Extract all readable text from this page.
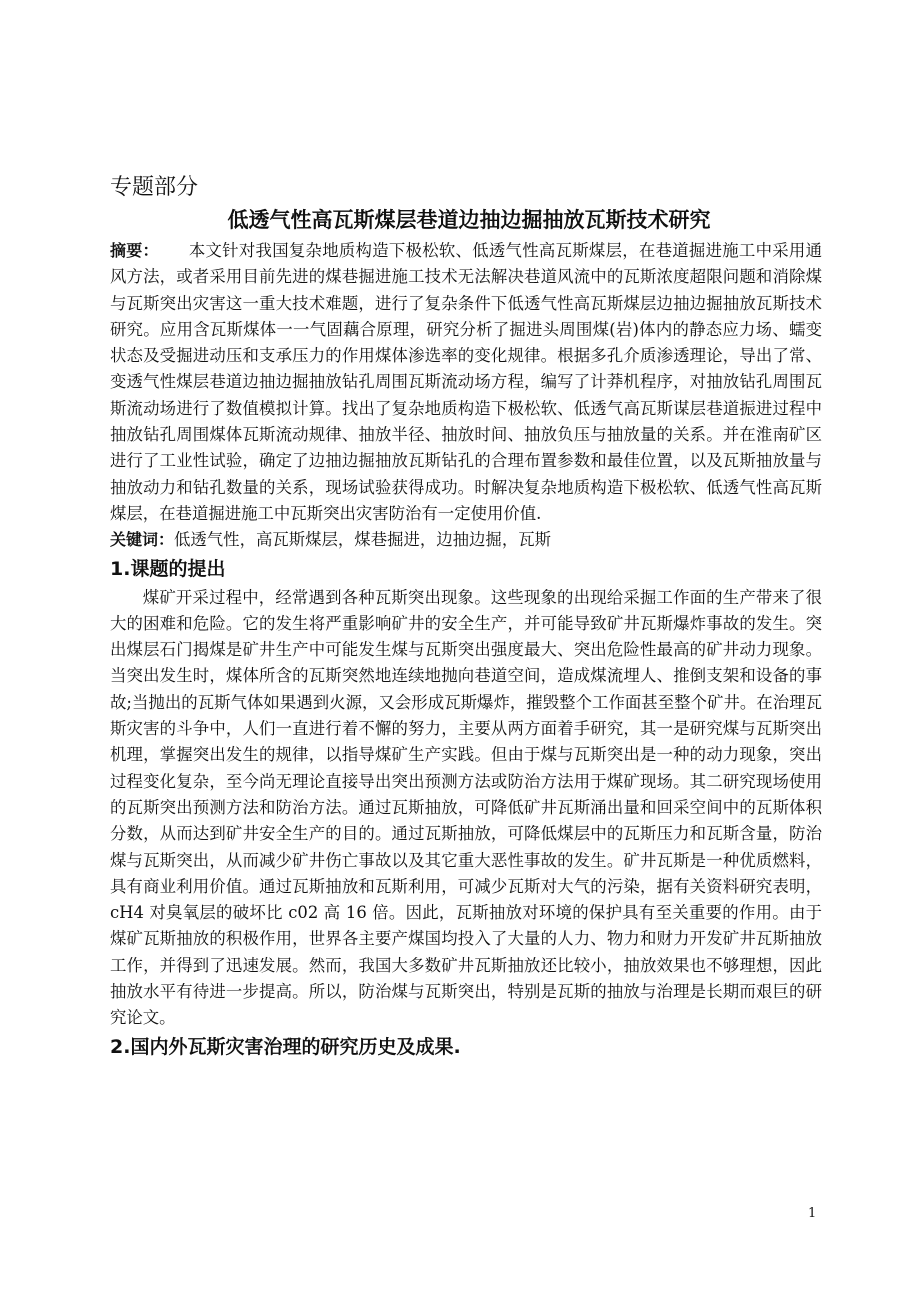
专题部分

低透气性高瓦斯煤层巷道边抽边掘抽放瓦斯技术研究

摘要： 本文针对我国复杂地质构造下极松软、低透气性高瓦斯煤层，在巷道掘进施工中采用通风方法，或者采用目前先进的煤巷掘进施工技术无法解决巷道风流中的瓦斯浓度超限问题和消除煤与瓦斯突出灾害这一重大技术难题，进行了复杂条件下低透气性高瓦斯煤层边抽边掘抽放瓦斯技术研究。应用含瓦斯煤体一一气固藕合原理，研究分析了掘进头周围煤(岩)体内的静态应力场、蠕变状态及受掘进动压和支承压力的作用煤体渗选率的变化规律。根据多孔介质渗透理论，导出了常、变透气性煤层巷道边抽边掘抽放钻孔周围瓦斯流动场方程，编写了计莽机程序，对抽放钻孔周围瓦斯流动场进行了数值模拟计算。找出了复杂地质构造下极松软、低透气高瓦斯谋层巷道振进过程中抽放钻孔周围煤体瓦斯流动规律、抽放半径、抽放时间、抽放负压与抽放量的关系。并在淮南矿区进行了工业性试验，确定了边抽边掘抽放瓦斯钻孔的合理布置参数和最佳位置，以及瓦斯抽放量与抽放动力和钻孔数量的关系，现场试验获得成功。时解决复杂地质构造下极松软、低透气性高瓦斯煤层，在巷道掘进施工中瓦斯突出灾害防治有一定使用价值.

关键词：低透气性，高瓦斯煤层，煤巷掘进，边抽边掘，瓦斯

1.课题的提出

煤矿开采过程中，经常遇到各种瓦斯突出现象。这些现象的出现给采掘工作面的生产带来了很大的困难和危险。它的发生将严重影响矿井的安全生产，并可能导致矿井瓦斯爆炸事故的发生。突出煤层石门揭煤是矿井生产中可能发生煤与瓦斯突出强度最大、突出危险性最高的矿井动力现象。当突出发生时，煤体所含的瓦斯突然地连续地抛向巷道空间，造成煤流埋人、推倒支架和设备的事故;当抛出的瓦斯气体如果遇到火源，又会形成瓦斯爆炸，摧毁整个工作面甚至整个矿井。在治理瓦斯灾害的斗争中，人们一直进行着不懈的努力，主要从两方面着手研究，其一是研究煤与瓦斯突出机理，掌握突出发生的规律，以指导煤矿生产实践。但由于煤与瓦斯突出是一种的动力现象，突出过程变化复杂，至今尚无理论直接导出突出预测方法或防治方法用于煤矿现场。其二研究现场使用的瓦斯突出预测方法和防治方法。通过瓦斯抽放，可降低矿井瓦斯涌出量和回采空间中的瓦斯体积分数，从而达到矿井安全生产的目的。通过瓦斯抽放，可降低煤层中的瓦斯压力和瓦斯含量，防治煤与瓦斯突出，从而减少矿井伤亡事故以及其它重大恶性事故的发生。矿井瓦斯是一种优质燃料，具有商业利用价值。通过瓦斯抽放和瓦斯利用，可减少瓦斯对大气的污染，据有关资料研究表明，cH4 对臭氧层的破坏比 c02 高 16 倍。因此，瓦斯抽放对环境的保护具有至关重要的作用。由于煤矿瓦斯抽放的积极作用，世界各主要产煤国均投入了大量的人力、物力和财力开发矿井瓦斯抽放工作，并得到了迅速发展。然而，我国大多数矿井瓦斯抽放还比较小，抽放效果也不够理想，因此抽放水平有待进一步提高。所以，防治煤与瓦斯突出，特别是瓦斯的抽放与治理是长期而艰巨的研究论文。

2.国内外瓦斯灾害治理的研究历史及成果.
1
